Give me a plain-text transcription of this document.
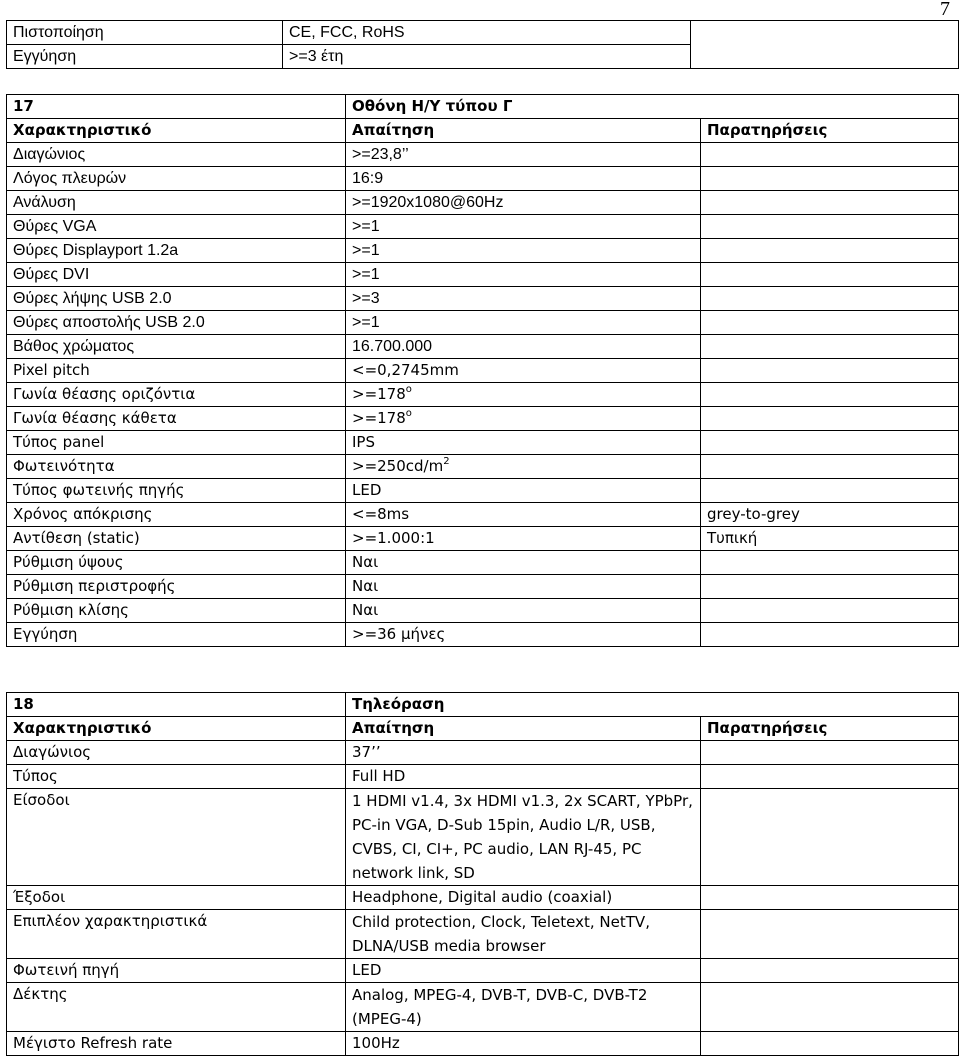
7
Πιστοποίηση	CE, FCC, RoHS	
Εγγύηση	>=3 έτη	
17	Οθόνη Η/Υ τύπου Γ	
Χαρακτηριστικό	Απαίτηση	Παρατηρήσεις
Διαγώνιος	>=23,8’’	
Λόγος πλευρών	16:9	
Ανάλυση	>=1920x1080@60Hz	
Θύρες VGA	>=1	
Θύρες Displayport 1.2a	>=1	
Θύρες DVI	>=1	
Θύρες λήψης USB 2.0	>=3	
Θύρες αποστολής USB 2.0	>=1	
Βάθος χρώματος	16.700.000	
Pixel pitch	<=0,2745mm	
Γωνία θέασης οριζόντια	$>=178^o$	
Γωνία θέασης κάθετα	$>=178^o$	
Τύπος panel	IPS	
Φωτεινότητα	$>=250cd/m^2$	
Τύπος φωτεινής πηγής	LED	
Χρόνος απόκρισης	<=8ms	grey-to-grey
Αντίθεση (static)	>=1.000:1	Τυπική
Ρύθμιση ύψους	Ναι	
Ρύθμιση περιστροφής	Ναι	
Ρύθμιση κλίσης	Ναι	
Εγγύηση	>=36 μήνες	
18	Τηλεόραση	
Χαρακτηριστικό	Απαίτηση	Παρατηρήσεις
Διαγώνιος	37’’	
Τύπος	Full HD	
Είσοδοι	1 HDMI v1.4, 3x HDMI v1.3, 2x SCART, YPbPr, PC-in VGA, D-Sub 15pin, Audio L/R, USB, CVBS, CI, CI+, PC audio, LAN RJ-45, PC network link, SD	
Έξοδοι	Headphone, Digital audio (coaxial)	
Επιπλέον χαρακτηριστικά	Child protection, Clock, Teletext, NetTV, DLNA/USB media browser	
Φωτεινή πηγή	LED	
Δέκτης	Analog, MPEG-4, DVB-T, DVB-C, DVB-T2 (MPEG-4)	
Μέγιστο Refresh rate	100Hz	
